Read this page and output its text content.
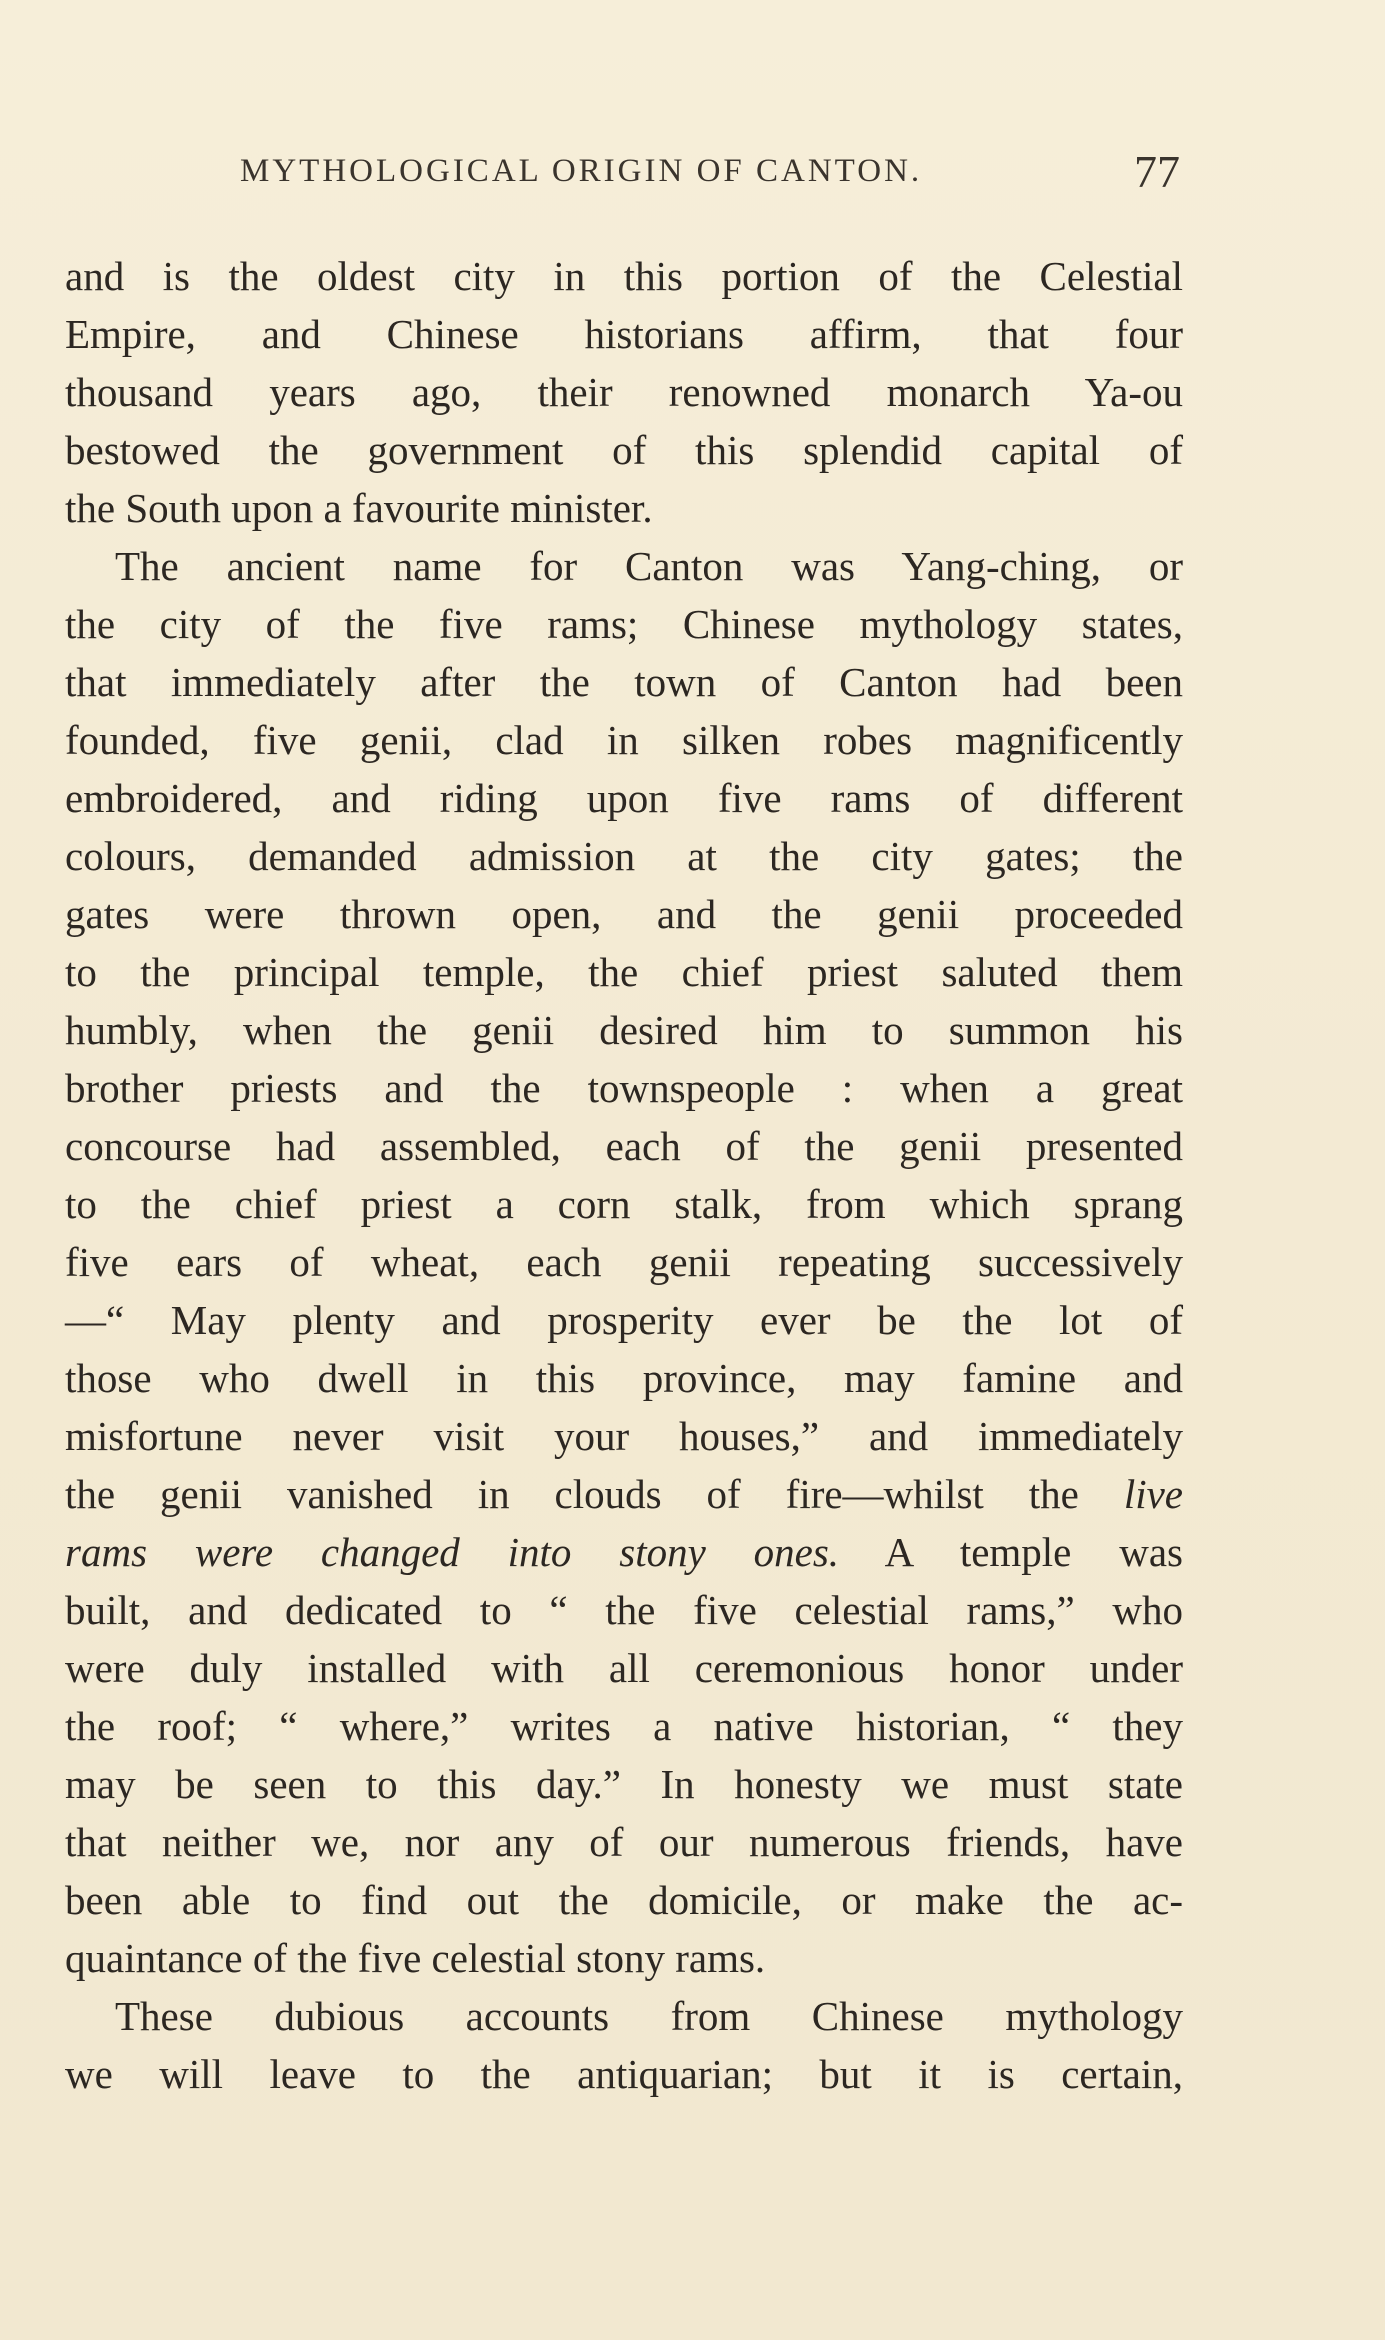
MYTHOLOGICAL ORIGIN OF CANTON.	77
and is the oldest city in this portion of the Celestial
Empire, and Chinese historians affirm, that four
thousand years ago, their renowned monarch Ya-ou
bestowed the government of this splendid capital of
the South upon a favourite minister.
The ancient name for Canton was Yang-ching, or
the city of the five rams; Chinese mythology states,
that immediately after the town of Canton had been
founded, five genii, clad in silken robes magnificently
embroidered, and riding upon five rams of different
colours, demanded admission at the city gates; the
gates were thrown open, and the genii proceeded
to the principal temple, the chief priest saluted them
humbly, when the genii desired him to summon his
brother priests and the townspeople : when a great
concourse had assembled, each of the genii presented
to the chief priest a corn stalk, from which sprang
five ears of wheat, each genii repeating successively
—“ May plenty and prosperity ever be the lot of
those who dwell in this province, may famine and
misfortune never visit your houses,” and immediately
the genii vanished in clouds of fire—whilst the live
rams were changed into stony ones. A temple was
built, and dedicated to “ the five celestial rams,” who
were duly installed with all ceremonious honor under
the roof; “ where,” writes a native historian, “ they
may be seen to this day.” In honesty we must state
that neither we, nor any of our numerous friends, have
been able to find out the domicile, or make the ac-
quaintance of the five celestial stony rams.
These dubious accounts from Chinese mythology
we will leave to the antiquarian; but it is certain,
